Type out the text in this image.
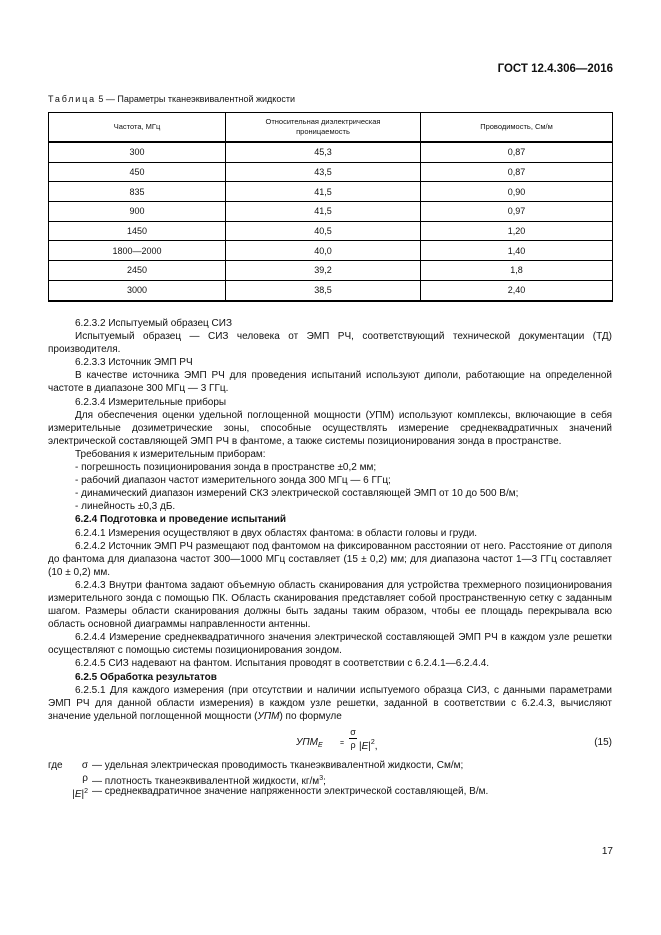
ГОСТ 12.4.306—2016
Таблица 5 — Параметры тканеэквивалентной жидкости
Частота, МГц	Относительная диэлектрическая проницаемость	Проводимость, См/м
300	45,3	0,87
450	43,5	0,87
835	41,5	0,90
900	41,5	0,97
1450	40,5	1,20
1800—2000	40,0	1,40
2450	39,2	1,8
3000	38,5	2,40

6.2.3.2 Испытуемый образец СИЗ

Испытуемый образец — СИЗ человека от ЭМП РЧ, соответствующий технической документации (ТД) производителя.

6.2.3.3 Источник ЭМП РЧ

В качестве источника ЭМП РЧ для проведения испытаний используют диполи, работающие на определенной частоте в диапазоне 300 МГц — 3 ГГц.

6.2.3.4 Измерительные приборы

Для обеспечения оценки удельной поглощенной мощности (УПМ) используют комплексы, включающие в себя измерительные дозиметрические зоны, способные осуществлять измерение среднеквадратичных значений электрической составляющей ЭМП РЧ в фантоме, а также системы позиционирования зонда в пространстве.

Требования к измерительным приборам:

- погрешность позиционирования зонда в пространстве ±0,2 мм;

- рабочий диапазон частот измерительного зонда 300 МГц — 6 ГГц;

- динамический диапазон измерений СКЗ электрической составляющей ЭМП от 10 до 500 В/м;

- линейность ±0,3 дБ.

6.2.4 Подготовка и проведение испытаний

6.2.4.1 Измерения осуществляют в двух областях фантома: в области головы и груди.

6.2.4.2 Источник ЭМП РЧ размещают под фантомом на фиксированном расстоянии от него. Расстояние от диполя до фантома для диапазона частот 300—1000 МГц составляет (15 ± 0,2) мм; для диапазона частот 1—3 ГГц составляет (10 ± 0,2) мм.

6.2.4.3 Внутри фантома задают объемную область сканирования для устройства трехмерного позиционирования измерительного зонда с помощью ПК. Область сканирования представляет собой пространственную сетку с заданным шагом. Размеры области сканирования должны быть заданы таким образом, чтобы ее площадь перекрывала всю область основной диаграммы направленности антенны.

6.2.4.4 Измерение среднеквадратичного значения электрической составляющей ЭМП РЧ в каждом узле решетки осуществляют с помощью системы позиционирования зондом.

6.2.4.5 СИЗ надевают на фантом. Испытания проводят в соответствии с 6.2.4.1—6.2.4.4.

6.2.5 Обработка результатов

6.2.5.1 Для каждого измерения (при отсутствии и наличии испытуемого образца СИЗ, с данными параметрами ЭМП РЧ для данной области измерения) в каждом узле решетки, заданной в соответствии с 6.2.4.3, вычисляют значение удельной поглощенной мощности (УПМ) по формуле

$УПМ_E$ =
σ
ρ $|E|^2$,	(15)
где	σ — удельная электрическая проводимость тканеэквивалентной жидкости, См/м;
ρ — плотность тканеэквивалентной жидкости, $кг/м^3$;
$|E|^2$ — среднеквадратичное значение напряженности электрической составляющей, В/м.
17
